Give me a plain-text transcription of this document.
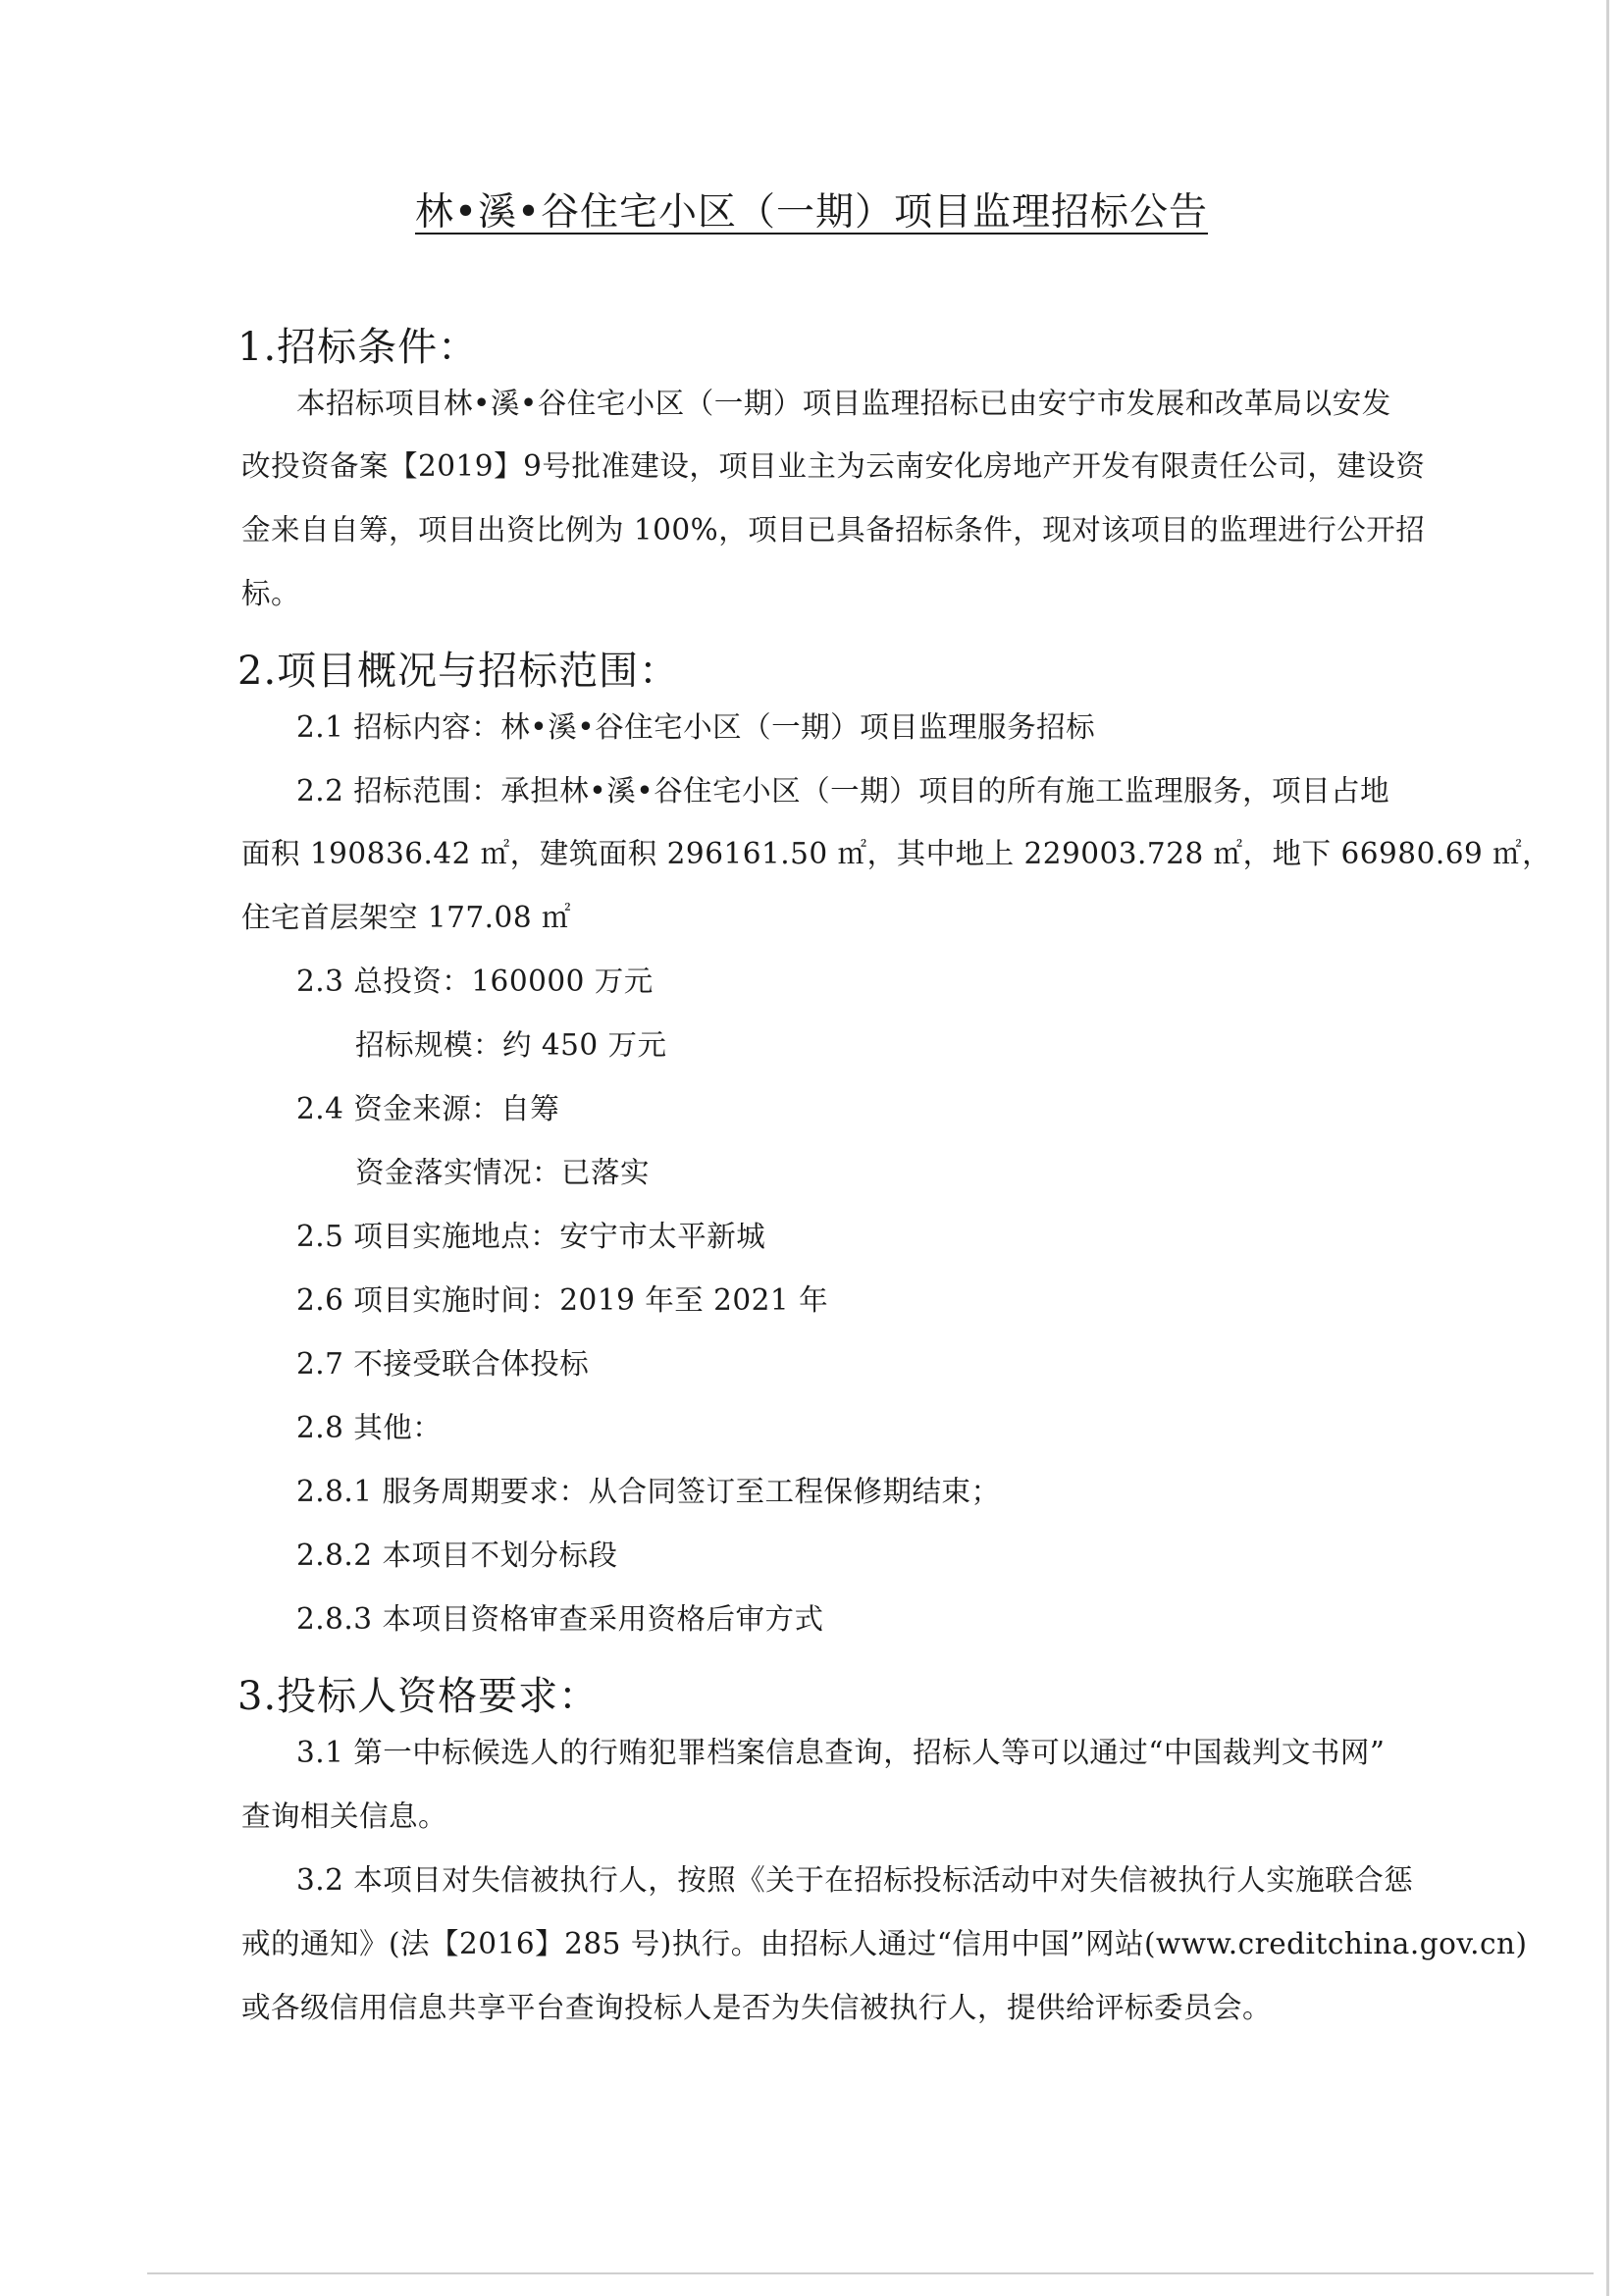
林•溪•谷住宅小区（一期）项目监理招标公告
1.招标条件：
本招标项目林•溪•谷住宅小区（一期）项目监理招标已由安宁市发展和改革局以安发
改投资备案【2019】9号批准建设，项目业主为云南安化房地产开发有限责任公司，建设资
金来自自筹，项目出资比例为 100%，项目已具备招标条件，现对该项目的监理进行公开招
标。
2.项目概况与招标范围：
2.1 招标内容：林•溪•谷住宅小区（一期）项目监理服务招标
2.2 招标范围：承担林•溪•谷住宅小区（一期）项目的所有施工监理服务，项目占地
面积 190836.42 ㎡，建筑面积 296161.50 ㎡，其中地上 229003.728 ㎡，地下 66980.69 ㎡，
住宅首层架空 177.08 ㎡
2.3 总投资：160000 万元
招标规模：约 450 万元
2.4 资金来源：自筹
资金落实情况：已落实
2.5 项目实施地点：安宁市太平新城
2.6 项目实施时间：2019 年至 2021 年
2.7 不接受联合体投标
2.8 其他：
2.8.1 服务周期要求：从合同签订至工程保修期结束；
2.8.2 本项目不划分标段
2.8.3 本项目资格审查采用资格后审方式
3.投标人资格要求：
3.1 第一中标候选人的行贿犯罪档案信息查询，招标人等可以通过“中国裁判文书网”
查询相关信息。
3.2 本项目对失信被执行人，按照《关于在招标投标活动中对失信被执行人实施联合惩
戒的通知》(法【2016】285 号)执行。由招标人通过“信用中国”网站(www.creditchina.gov.cn)
或各级信用信息共享平台查询投标人是否为失信被执行人，提供给评标委员会。
